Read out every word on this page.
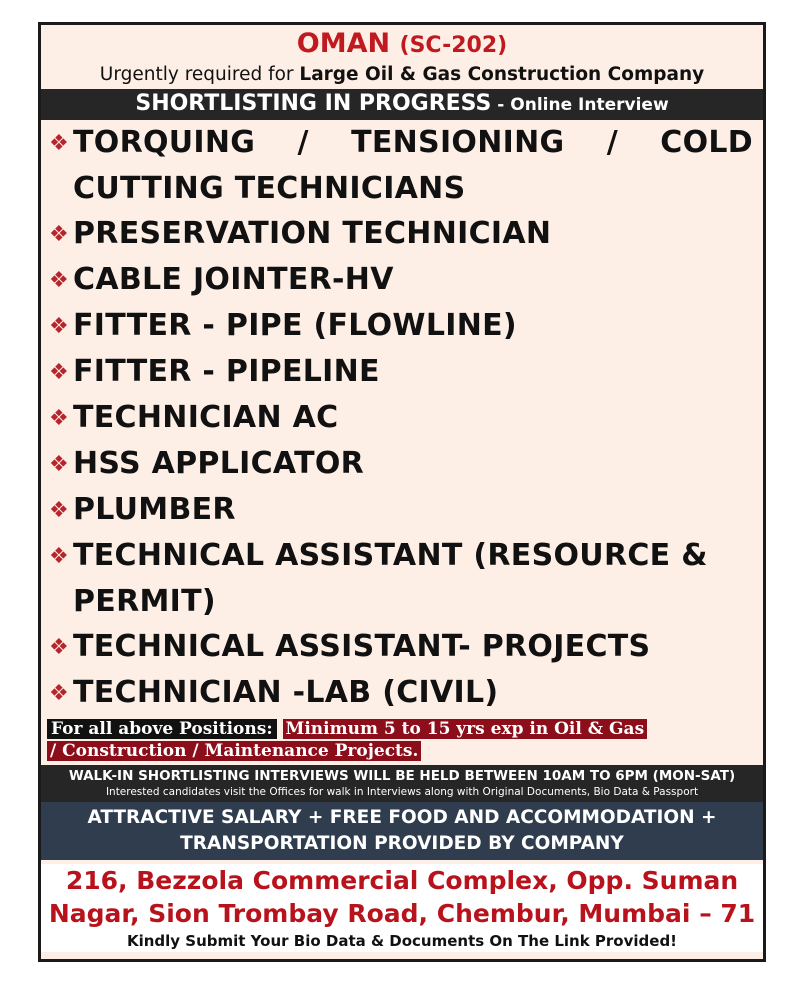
OMAN (SC-202)
Urgently required for Large Oil & Gas Construction Company
SHORTLISTING IN PROGRESS - Online Interview
❖ TORQUING / TENSIONING / COLD CUTTING TECHNICIANS
❖ PRESERVATION TECHNICIAN
❖ CABLE JOINTER-HV
❖ FITTER - PIPE (FLOWLINE)
❖ FITTER - PIPELINE
❖ TECHNICIAN AC
❖ HSS APPLICATOR
❖ PLUMBER
❖ TECHNICAL ASSISTANT (RESOURCE & PERMIT)
❖ TECHNICAL ASSISTANT- PROJECTS
❖ TECHNICIAN -LAB (CIVIL)
For all above Positions: Minimum 5 to 15 yrs exp in Oil & Gas
/ Construction / Maintenance Projects.
WALK-IN SHORTLISTING INTERVIEWS WILL BE HELD BETWEEN 10AM TO 6PM (MON-SAT)
Interested candidates visit the Offices for walk in Interviews along with Original Documents, Bio Data & Passport
ATTRACTIVE SALARY + FREE FOOD AND ACCOMMODATION +
TRANSPORTATION PROVIDED BY COMPANY
216, Bezzola Commercial Complex, Opp. Suman
Nagar, Sion Trombay Road, Chembur, Mumbai – 71
Kindly Submit Your Bio Data & Documents On The Link Provided!
